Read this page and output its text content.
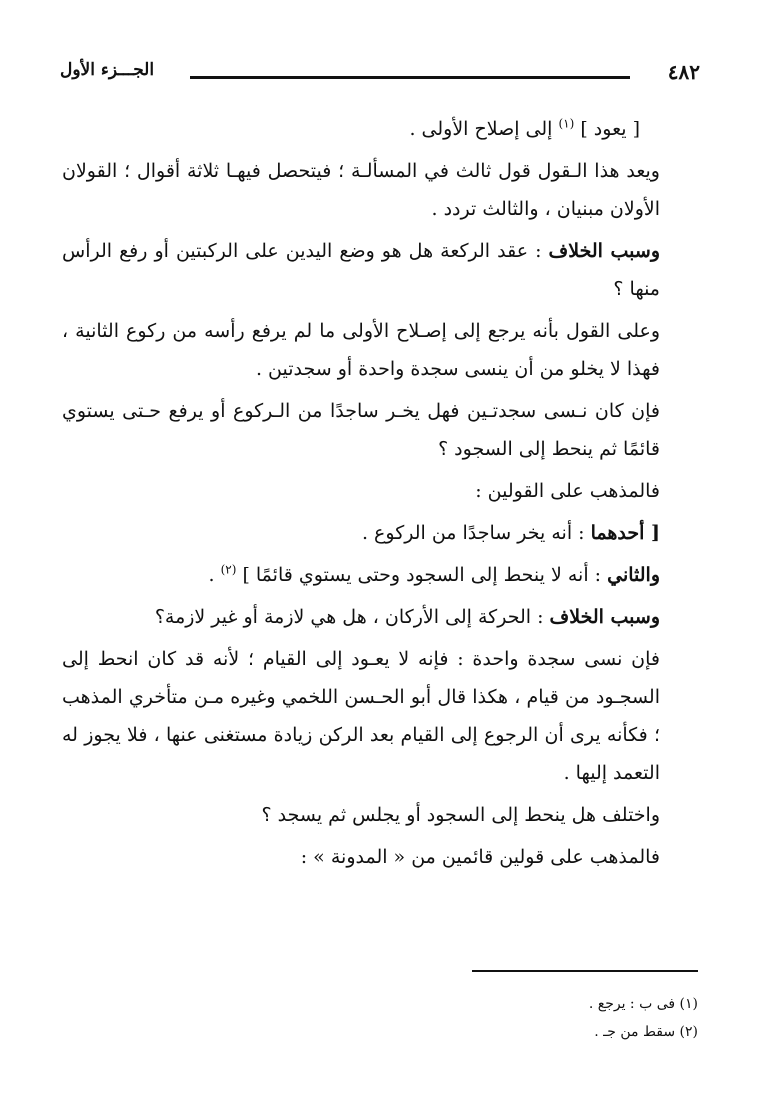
٤٨٢
الجـــزء الأول

[ يعود ] $^{(١)}$ إلى إصلاح الأولى .

ويعد هذا الـقول قول ثالث في المسألـة ؛ فيتحصل فيهـا ثلاثة أقوال ؛ القولان الأولان مبنيان ، والثالث تردد .

وسبب الخلاف : عقد الركعة هل هو وضع اليدين على الركبتين أو رفع الرأس منها ؟

وعلى القول بأنه يرجع إلى إصـلاح الأولى ما لم يرفع رأسه من ركوع الثانية ، فهذا لا يخلو من أن ينسى سجدة واحدة أو سجدتين .

فإن كان نـسى سجدتـين فهل يخـر ساجدًا من الـركوع أو يرفع حـتى يستوي قائمًا ثم ينحط إلى السجود ؟

فالمذهب على القولين :

[ أحدهما : أنه يخر ساجدًا من الركوع .

والثاني : أنه لا ينحط إلى السجود وحتى يستوي قائمًا ] $^{(٢)}$ .

وسبب الخلاف : الحركة إلى الأركان ، هل هي لازمة أو غير لازمة؟

فإن نسى سجدة واحدة : فإنه لا يعـود إلى القيام ؛ لأنه قد كان انحط إلى السجـود من قيام ، هكذا قال أبو الحـسن اللخمي وغيره مـن متأخري المذهب ؛ فكأنه يرى أن الرجوع إلى القيام بعد الركن زيادة مستغنى عنها ، فلا يجوز له التعمد إليها .

واختلف هل ينحط إلى السجود أو يجلس ثم يسجد ؟

فالمذهب على قولين قائمين من « المدونة » :

(١) فى ب : يرجع .
(٢) سقط من جـ .
